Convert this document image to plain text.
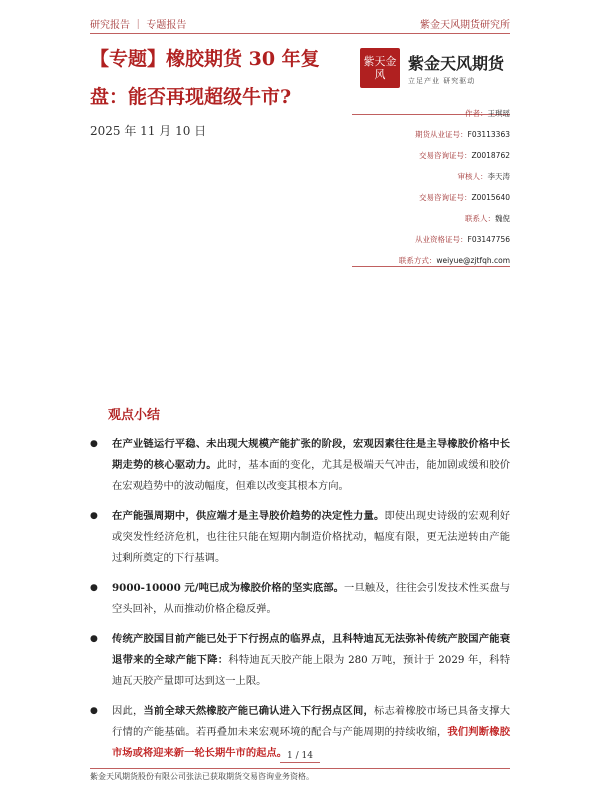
研究报告 ｜ 专题报告	紫金天风期货研究所
【专题】橡胶期货 30 年复盘：能否再现超级牛市?
2025 年 11 月 10 日
紫天金风
紫金天风期货
立足产业 研究驱动
作者：王琪瑶
期货从业证号：F03113363
交易咨询证号：Z0018762
审核人：李天涛
交易咨询证号：Z0015640
联系人：魏倪
从业资格证号：F03147756
联系方式：weiyue@zjtfqh.com
观点小结
● 在产业链运行平稳、未出现大规模产能扩张的阶段，宏观因素往往是主导橡胶价格中长期走势的核心驱动力。此时，基本面的变化，尤其是极端天气冲击，能加剧或缓和胶价在宏观趋势中的波动幅度，但难以改变其根本方向。
● 在产能强周期中，供应端才是主导胶价趋势的决定性力量。即使出现史诗级的宏观利好或突发性经济危机，也往往只能在短期内制造价格扰动，幅度有限，更无法逆转由产能过剩所奠定的下行基调。
● 9000-10000 元/吨已成为橡胶价格的坚实底部。一旦触及，往往会引发技术性买盘与空头回补，从而推动价格企稳反弹。
● 传统产胶国目前产能已处于下行拐点的临界点，且科特迪瓦无法弥补传统产胶国产能衰退带来的全球产能下降：科特迪瓦天胶产能上限为 280 万吨，预计于 2029 年，科特迪瓦天胶产量即可达到这一上限。
● 因此，当前全球天然橡胶产能已确认进入下行拐点区间，标志着橡胶市场已具备支撑大行情的产能基础。若再叠加未来宏观环境的配合与产能周期的持续收缩，我们判断橡胶市场或将迎来新一轮长期牛市的起点。 1 / 14
紫金天风期货股份有限公司张法已获取期货交易咨询业务资格。
